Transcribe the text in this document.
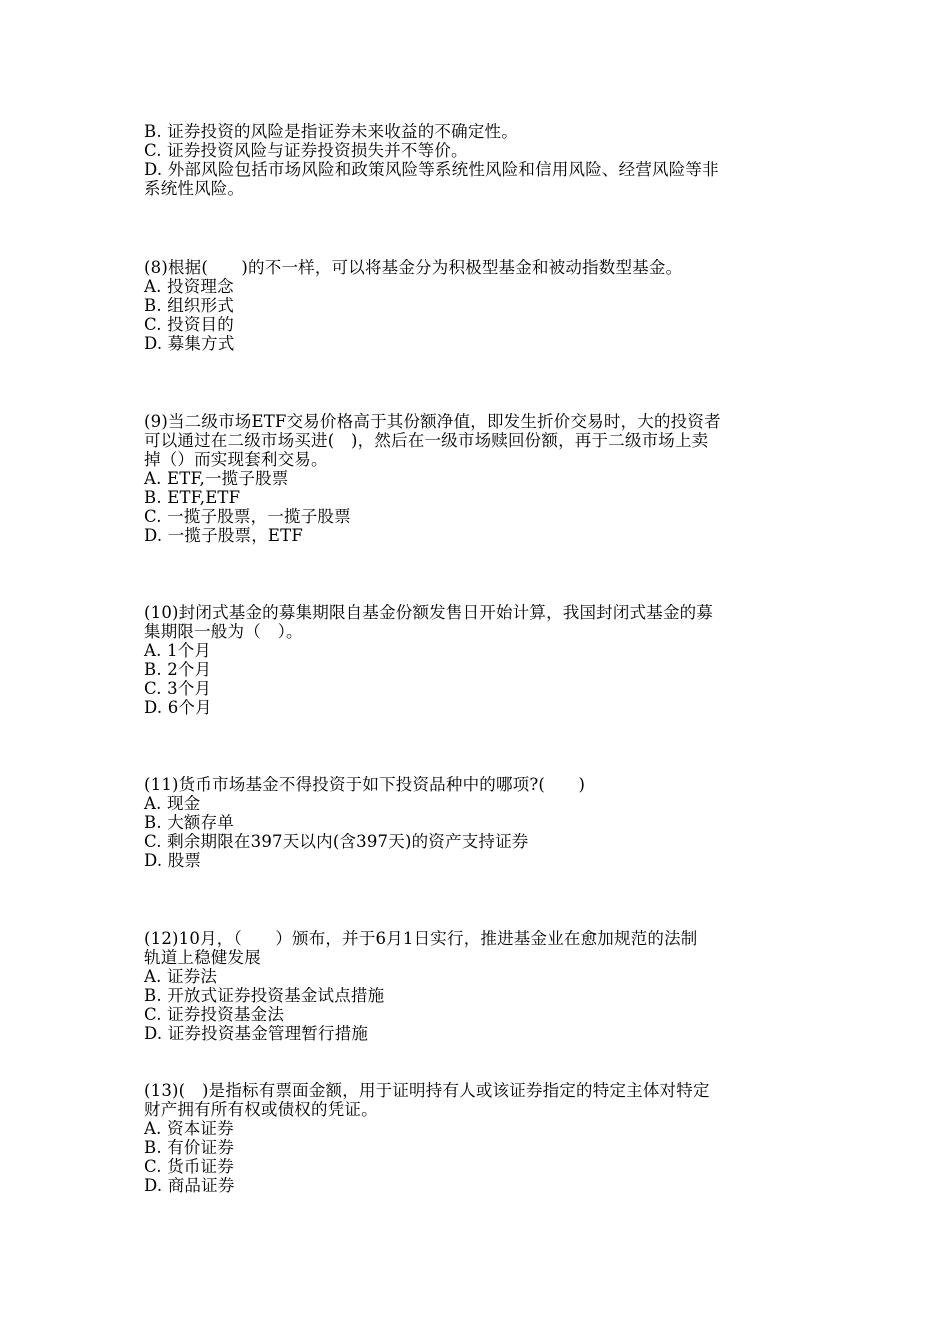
B. 证券投资的风险是指证券未来收益的不确定性。
C. 证券投资风险与证券投资损失并不等价。
D. 外部风险包括市场风险和政策风险等系统性风险和信用风险、经营风险等非
系统性风险。
(8)根据(　　)的不一样，可以将基金分为积极型基金和被动指数型基金。
A. 投资理念
B. 组织形式
C. 投资目的
D. 募集方式
(9)当二级市场ETF交易价格高于其份额净值，即发生折价交易时，大的投资者
可以通过在二级市场买进(　)，然后在一级市场赎回份额，再于二级市场上卖
掉（）而实现套利交易。
A. ETF,一揽子股票
B. ETF,ETF
C. 一揽子股票，一揽子股票
D. 一揽子股票，ETF
(10)封闭式基金的募集期限自基金份额发售日开始计算，我国封闭式基金的募
集期限一般为（　）。
A. 1个月
B. 2个月
C. 3个月
D. 6个月
(11)货币市场基金不得投资于如下投资品种中的哪项?(　　)
A. 现金
B. 大额存单
C. 剩余期限在397天以内(含397天)的资产支持证券
D. 股票
(12)10月，（　　）颁布，并于6月1日实行，推进基金业在愈加规范的法制
轨道上稳健发展
A. 证券法
B. 开放式证券投资基金试点措施
C. 证券投资基金法
D. 证券投资基金管理暂行措施
(13)(　)是指标有票面金额，用于证明持有人或该证券指定的特定主体对特定
财产拥有所有权或债权的凭证。
A. 资本证券
B. 有价证券
C. 货币证券
D. 商品证券
